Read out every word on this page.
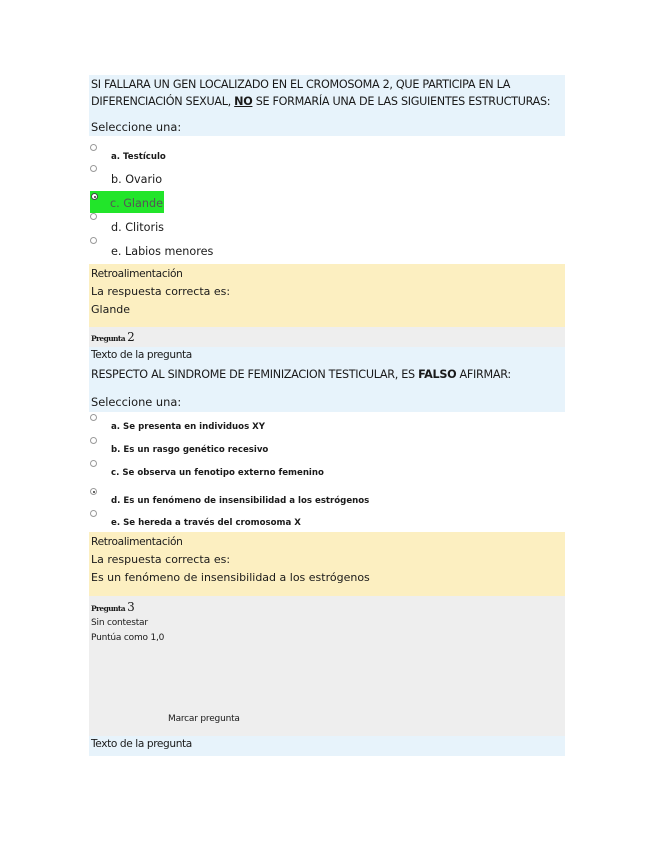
SI FALLARA UN GEN LOCALIZADO EN EL CROMOSOMA 2, QUE PARTICIPA EN LA DIFERENCIACIÓN SEXUAL, NO SE FORMARÍA UNA DE LAS SIGUIENTES ESTRUCTURAS:
Seleccione una:
a. Testículo
b. Ovario
c. Glande
d. Clitoris
e. Labios menores
Retroalimentación
La respuesta correcta es:
Glande
Pregunta 2
Texto de la pregunta
RESPECTO AL SINDROME DE FEMINIZACION TESTICULAR, ES FALSO AFIRMAR:
Seleccione una:
a. Se presenta en individuos XY
b. Es un rasgo genético recesivo
c. Se observa un fenotipo externo femenino
d. Es un fenómeno de insensibilidad a los estrógenos
e. Se hereda a través del cromosoma X
Retroalimentación
La respuesta correcta es:
Es un fenómeno de insensibilidad a los estrógenos
Pregunta 3
Sin contestar
Puntúa como 1,0
Marcar pregunta
Texto de la pregunta
